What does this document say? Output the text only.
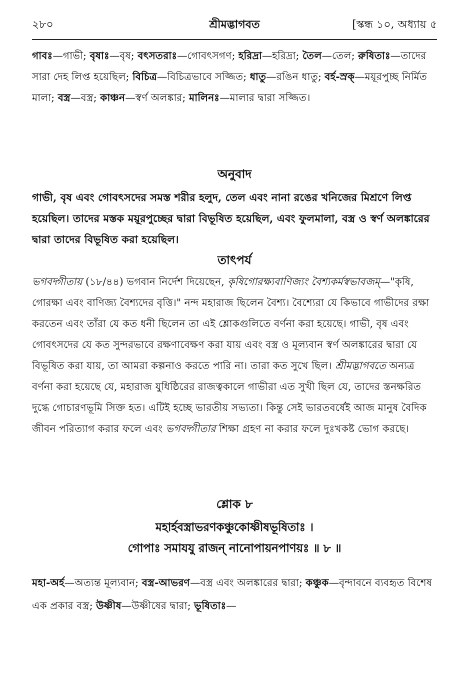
২৮০	শ্রীমদ্ভাগবত	[স্কন্ধ ১০, অধ্যায় ৫
গাবঃ—গাভী; বৃষাঃ—বৃষ; বৎসতরাঃ—গোবৎসগণ; হরিদ্রা—হরিদ্রা; তৈল—তেল; রুষিতাঃ—তাদের সারা দেহ লিপ্ত হয়েছিল; বিচিত্র—বিচিত্রভাবে সজ্জিত; ধাতু—রঙিন ধাতু; বর্হ-স্রক্—ময়ূরপুচ্ছ নির্মিত মালা; বস্ত্র—বস্ত্র; কাঞ্চন—স্বর্ণ অলঙ্কার; মালিনঃ—মালার দ্বারা সজ্জিত।
অনুবাদ
গাভী, বৃষ এবং গোবৎসদের সমস্ত শরীর হলুদ, তেল এবং নানা রঙের খনিজের মিশ্রণে লিপ্ত হয়েছিল। তাদের মস্তক ময়ূরপুচ্ছের দ্বারা বিভূষিত হয়েছিল, এবং ফুলমালা, বস্ত্র ও স্বর্ণ অলঙ্কারের দ্বারা তাদের বিভূষিত করা হয়েছিল।
তাৎপর্য
ভগবদ্গীতায় (১৮/৪৪) ভগবান নির্দেশ দিয়েছেন, কৃষিগোরক্ষ্যবাণিজ্যং বৈশ্যকর্মস্বভাবজম্—"কৃষি, গোরক্ষা এবং বাণিজ্য বৈশ্যদের বৃত্তি।" নন্দ মহারাজ ছিলেন বৈশ্য। বৈশ্যেরা যে কিভাবে গাভীদের রক্ষা করতেন এবং তাঁরা যে কত ধনী ছিলেন তা এই শ্লোকগুলিতে বর্ণনা করা হয়েছে। গাভী, বৃষ এবং গোবৎসদের যে কত সুন্দরভাবে রক্ষণাবেক্ষণ করা যায় এবং বস্ত্র ও মূল্যবান স্বর্ণ অলঙ্কারের দ্বারা যে বিভূষিত করা যায়, তা আমরা কল্পনাও করতে পারি না। তারা কত সুখে ছিল। শ্রীমদ্ভাগবতে অন্যত্র বর্ণনা করা হয়েছে যে, মহারাজ যুধিষ্ঠিরের রাজত্বকালে গাভীরা এত সুখী ছিল যে, তাদের স্তনক্ষরিত দুগ্ধে গোচারণভূমি সিক্ত হত। এটিই হচ্ছে ভারতীয় সভ্যতা। কিন্তু সেই ভারতবর্ষেই আজ মানুষ বৈদিক জীবন পরিত্যাগ করার ফলে এবং ভগবদ্গীতার শিক্ষা গ্রহণ না করার ফলে দুঃখকষ্ট ভোগ করছে।
শ্লোক ৮
মহার্হবস্ত্রাভরণকঞ্চুকোষ্ণীষভূষিতাঃ ।
গোপাঃ সমাযযু রাজন্ নানোপায়নপাণয়ঃ ॥ ৮ ॥
মহা-অর্হ—অত্যন্ত মূল্যবান; বস্ত্র-আভরণ—বস্ত্র এবং অলঙ্কারের দ্বারা; কঞ্চুক—বৃন্দাবনে ব্যবহৃত বিশেষ এক প্রকার বস্ত্র; উষ্ণীষ—উষ্ণীষের দ্বারা; ভূষিতাঃ—
